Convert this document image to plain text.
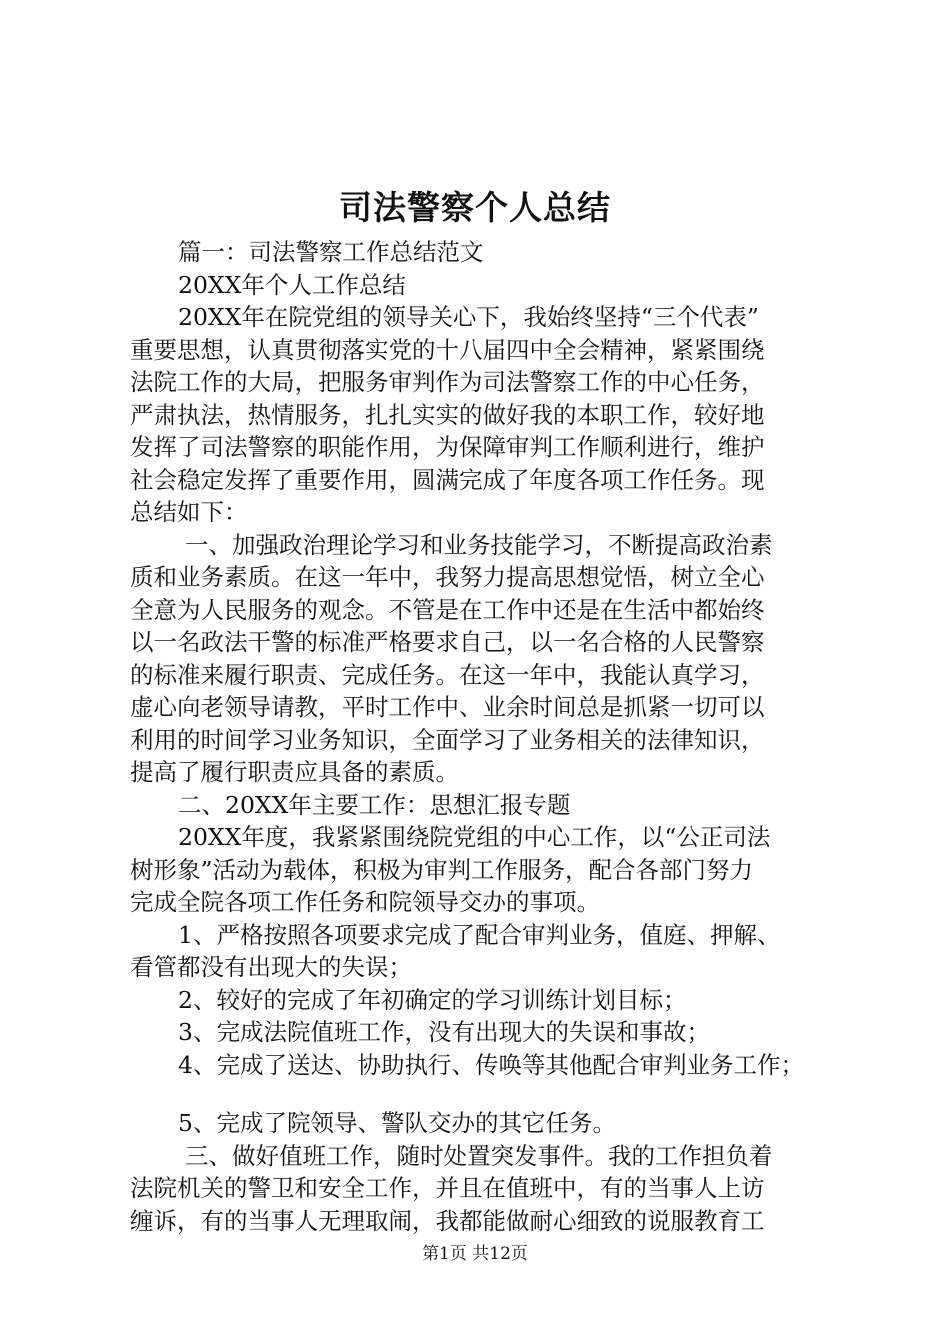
司法警察个人总结
篇一：司法警察工作总结范文
20XX年个人工作总结
20XX年在院党组的领导关心下，我始终坚持“三个代表”
重要思想，认真贯彻落实党的十八届四中全会精神，紧紧围绕
法院工作的大局，把服务审判作为司法警察工作的中心任务，
严肃执法，热情服务，扎扎实实的做好我的本职工作，较好地
发挥了司法警察的职能作用，为保障审判工作顺利进行，维护
社会稳定发挥了重要作用，圆满完成了年度各项工作任务。现
总结如下：
一、加强政治理论学习和业务技能学习，不断提高政治素
质和业务素质。在这一年中，我努力提高思想觉悟，树立全心
全意为人民服务的观念。不管是在工作中还是在生活中都始终
以一名政法干警的标准严格要求自己，以一名合格的人民警察
的标准来履行职责、完成任务。在这一年中，我能认真学习，
虚心向老领导请教，平时工作中、业余时间总是抓紧一切可以
利用的时间学习业务知识，全面学习了业务相关的法律知识，
提高了履行职责应具备的素质。
二、20XX年主要工作：思想汇报专题
20XX年度，我紧紧围绕院党组的中心工作，以“公正司法
树形象”活动为载体，积极为审判工作服务，配合各部门努力
完成全院各项工作任务和院领导交办的事项。
1、严格按照各项要求完成了配合审判业务，值庭、押解、
看管都没有出现大的失误；
2、较好的完成了年初确定的学习训练计划目标；
3、完成法院值班工作，没有出现大的失误和事故；
4、完成了送达、协助执行、传唤等其他配合审判业务工作；
5、完成了院领导、警队交办的其它任务。
三、做好值班工作，随时处置突发事件。我的工作担负着
法院机关的警卫和安全工作，并且在值班中，有的当事人上访
缠诉，有的当事人无理取闹，我都能做耐心细致的说服教育工
第1页 共12页
